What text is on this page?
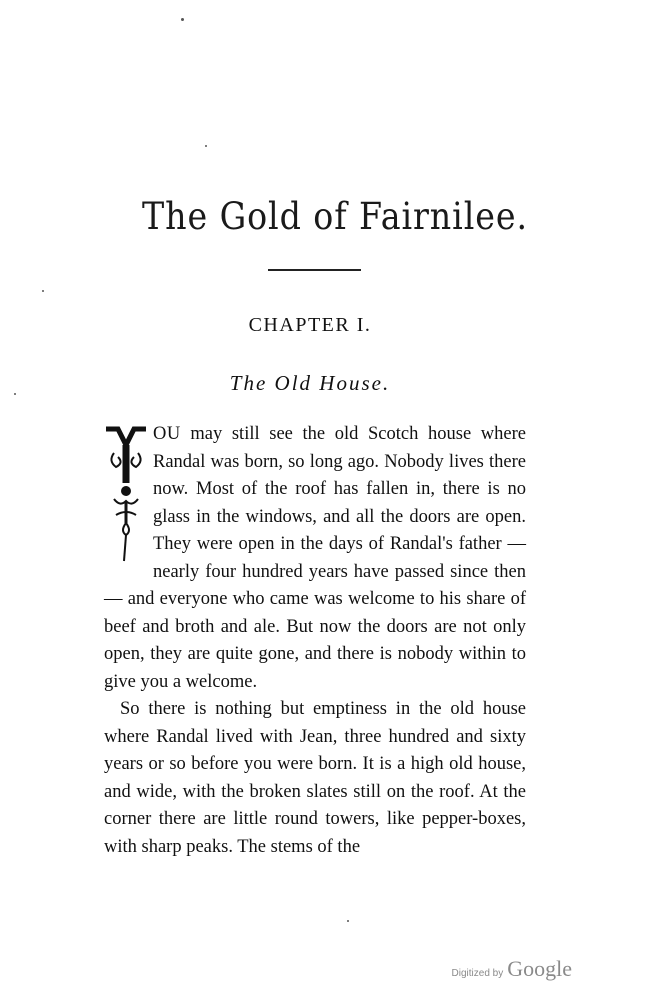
The Gold of Fairnilee.
CHAPTER I.
The Old House.

Y
OU may still see the old Scotch house where Randal was born, so long ago. Nobody lives there now. Most of the roof has fallen in, there is no glass in the windows, and all the doors are open. They were open in the days of Randal's father — nearly four hundred years have passed since then — and everyone who came was welcome to his share of beef and broth and ale. But now the doors are not only open, they are quite gone, and there is nobody within to give you a welcome.

So there is nothing but emptiness in the old house where Randal lived with Jean, three hundred and sixty years or so before you were born. It is a high old house, and wide, with the broken slates still on the roof. At the corner there are little round towers, like pepper-boxes, with sharp peaks. The stems of the

Digitized by Google
